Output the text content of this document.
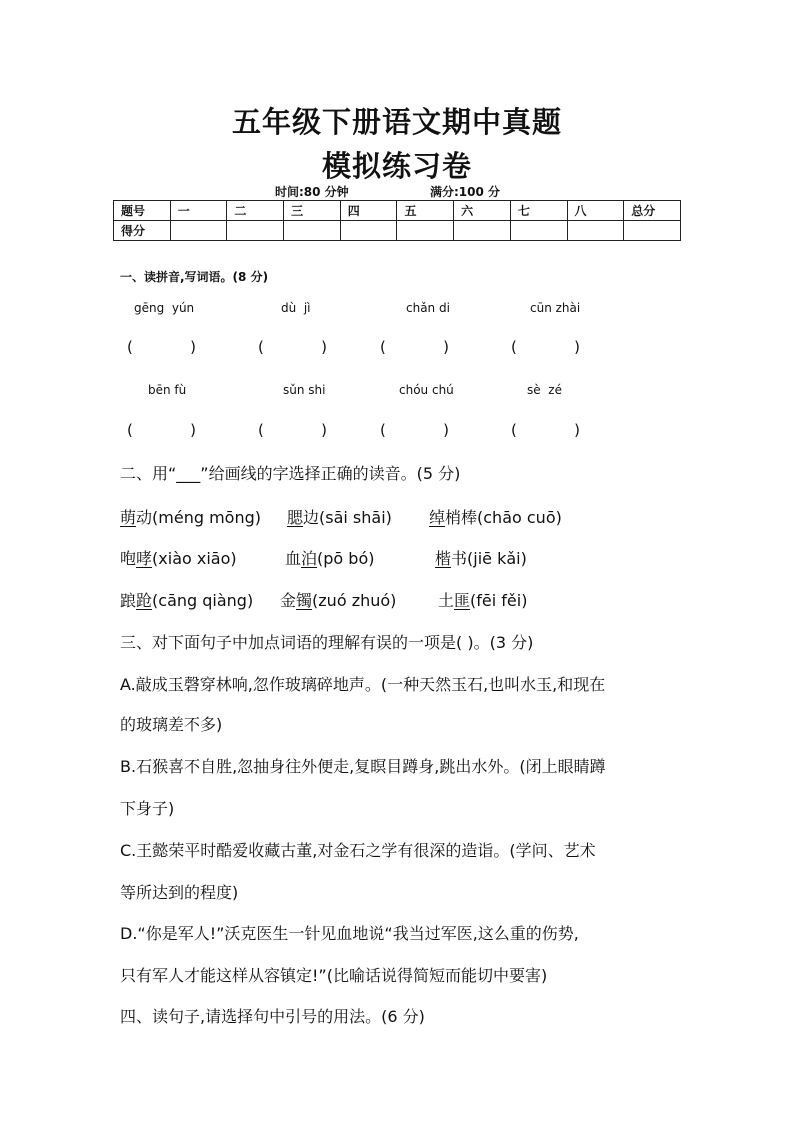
五年级下册语文期中真题
模拟练习卷
时间:80 分钟	满分:100 分
题号	一	二	三	四	五	六	七	八	总分
得分									
一、读拼音,写词语。(8 分)
gēng  yún	dù  jì	chǎn di	cūn zhài
(            )	(            )	(            )	(            )
bēn fù	sǔn shi	chóu chú	sè  zé
(            )	(            )	(            )	(            )
二、用“___”给画线的字选择正确的读音。(5 分)
萌动(méng mōng) 腮边(sāi shāi) 绰梢棒(chāo cuō)
咆哮(xiào xiāo)	血泊(pō bó)	楷书(jiē kǎi)
踉跄(cāng qiàng) 金镯(zuó zhuó)	土匪(fēi fěi)
三、对下面句子中加点词语的理解有误的一项是( )。(3 分)
A.敲成玉磬穿林响,忽作玻璃碎地声。(一种天然玉石,也叫水玉,和现在
的玻璃差不多)
B.石猴喜不自胜,忽抽身往外便走,复瞑目蹲身,跳出水外。(闭上眼睛蹲
下身子)
C.王懿荣平时酷爱收藏古董,对金石之学有很深的造诣。(学问、艺术
等所达到的程度)
D.“你是军人!”沃克医生一针见血地说“我当过军医,这么重的伤势,
只有军人才能这样从容镇定!”(比喻话说得简短而能切中要害)
四、读句子,请选择句中引号的用法。(6 分)
